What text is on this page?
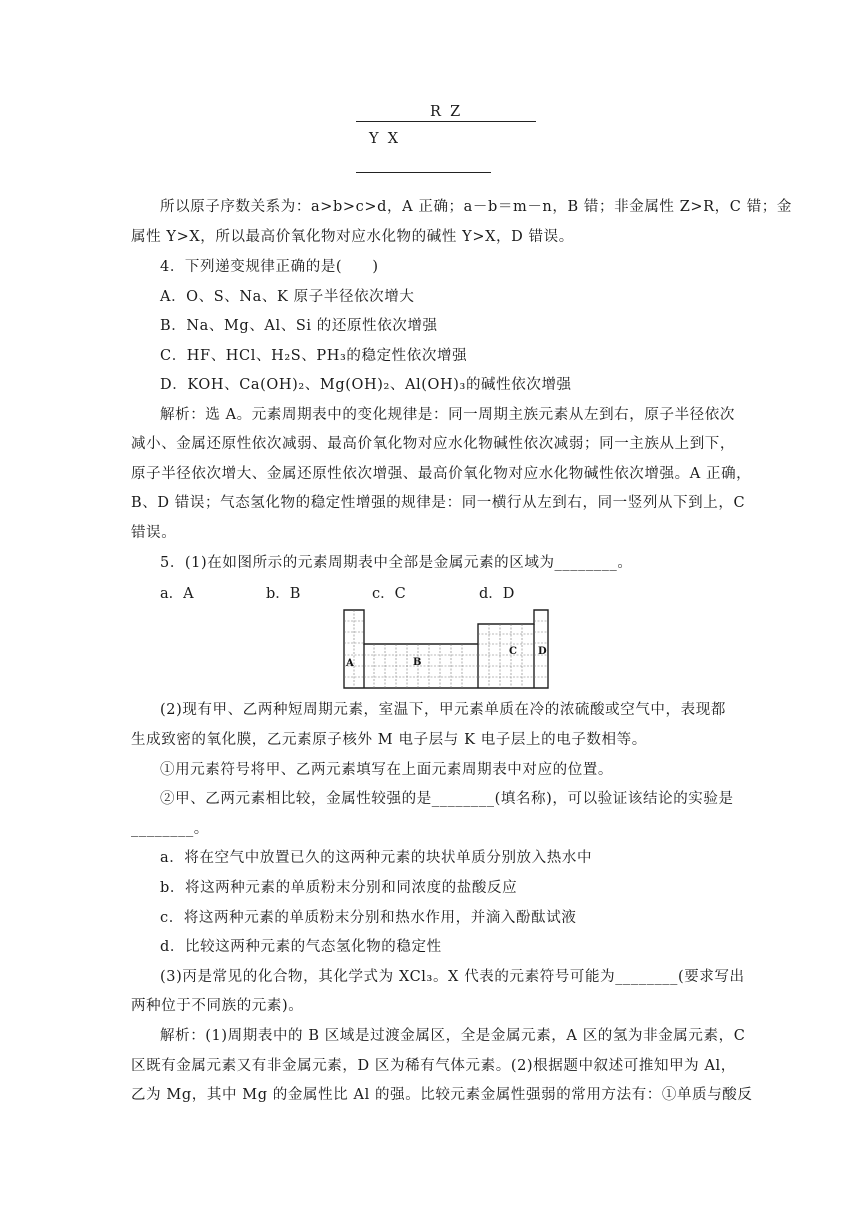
R  Z
Y  X
所以原子序数关系为：a>b>c>d，A 正确；a－b＝m－n，B 错；非金属性 Z>R，C 错；金
属性 Y>X，所以最高价氧化物对应水化物的碱性 Y>X，D 错误。
4．下列递变规律正确的是(　　)
A．O、S、Na、K 原子半径依次增大
B．Na、Mg、Al、Si 的还原性依次增强
C．HF、HCl、H₂S、PH₃的稳定性依次增强
D．KOH、Ca(OH)₂、Mg(OH)₂、Al(OH)₃的碱性依次增强
解析：选 A。元素周期表中的变化规律是：同一周期主族元素从左到右，原子半径依次
减小、金属还原性依次减弱、最高价氧化物对应水化物碱性依次减弱；同一主族从上到下，
原子半径依次增大、金属还原性依次增强、最高价氧化物对应水化物碱性依次增强。A 正确，
B、D 错误；气态氢化物的稳定性增强的规律是：同一横行从左到右，同一竖列从下到上，C
错误。
5．(1)在如图所示的元素周期表中全部是金属元素的区域为________。
a．A	b．B	c．C	d．D
A	B
C D
(2)现有甲、乙两种短周期元素，室温下，甲元素单质在冷的浓硫酸或空气中，表现都
生成致密的氧化膜，乙元素原子核外 M 电子层与 K 电子层上的电子数相等。
①用元素符号将甲、乙两元素填写在上面元素周期表中对应的位置。
②甲、乙两元素相比较，金属性较强的是________(填名称)，可以验证该结论的实验是
________。
a．将在空气中放置已久的这两种元素的块状单质分别放入热水中
b．将这两种元素的单质粉末分别和同浓度的盐酸反应
c．将这两种元素的单质粉末分别和热水作用，并滴入酚酞试液
d．比较这两种元素的气态氢化物的稳定性
(3)丙是常见的化合物，其化学式为 XCl₃。X 代表的元素符号可能为________(要求写出
两种位于不同族的元素)。
解析：(1)周期表中的 B 区域是过渡金属区，全是金属元素，A 区的氢为非金属元素，C
区既有金属元素又有非金属元素，D 区为稀有气体元素。(2)根据题中叙述可推知甲为 Al，
乙为 Mg，其中 Mg 的金属性比 Al 的强。比较元素金属性强弱的常用方法有：①单质与酸反
